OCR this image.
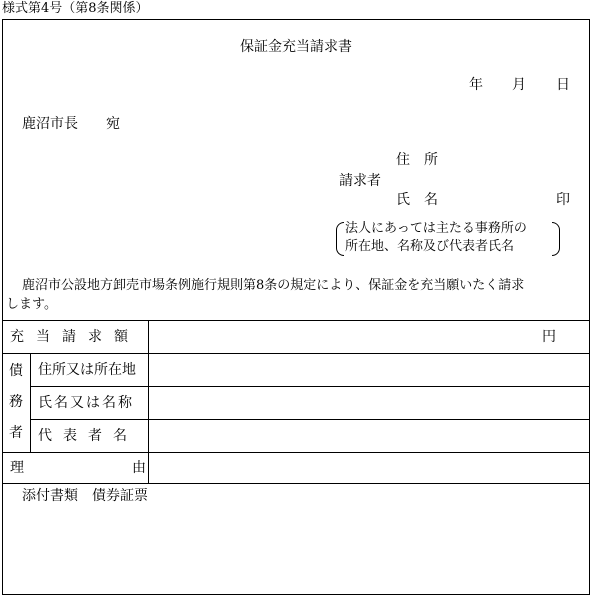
様式第4号（第8条関係）
保証金充当請求書
年 月 日
鹿沼市長　　宛
住　所
請求者
氏　名	印
法人にあっては主たる事務所の
所在地、名称及び代表者氏名
鹿沼市公設地方卸売市場条例施行規則第8条の規定により、保証金を充当願いたく請求
します。
充当請求額	円
債
務
者
住所又は所在地
氏名又は名称
代表者名
理由
添付書類　債券証票
